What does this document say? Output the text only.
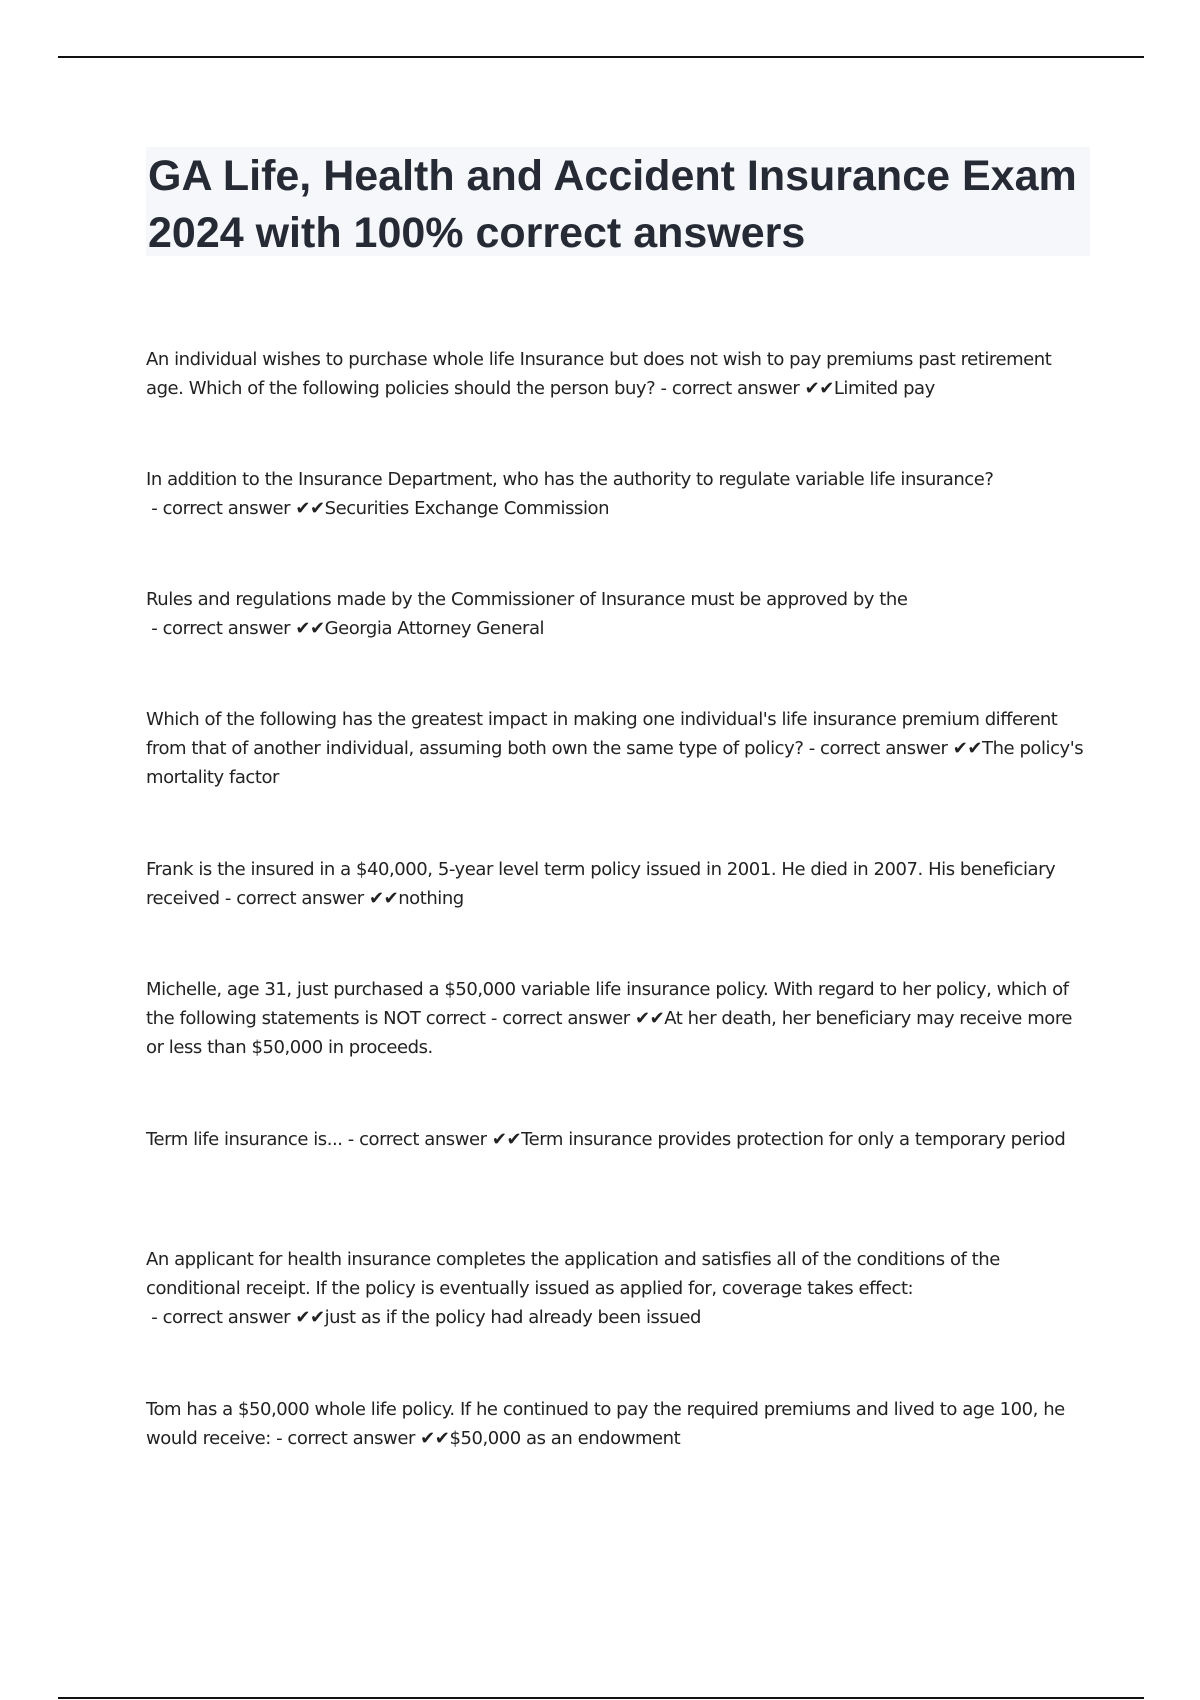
GA Life, Health and Accident Insurance Exam 2024 with 100% correct answers

An individual wishes to purchase whole life Insurance but does not wish to pay premiums past retirement age. Which of the following policies should the person buy? - correct answer ✔✔Limited pay

In addition to the Insurance Department, who has the authority to regulate variable life insurance? - correct answer ✔✔Securities Exchange Commission

Rules and regulations made by the Commissioner of Insurance must be approved by the - correct answer ✔✔Georgia Attorney General

Which of the following has the greatest impact in making one individual's life insurance premium different from that of another individual, assuming both own the same type of policy? - correct answer ✔✔The policy's mortality factor

Frank is the insured in a $40,000, 5-year level term policy issued in 2001. He died in 2007. His beneficiary received - correct answer ✔✔nothing

Michelle, age 31, just purchased a $50,000 variable life insurance policy. With regard to her policy, which of the following statements is NOT correct - correct answer ✔✔At her death, her beneficiary may receive more or less than $50,000 in proceeds.

Term life insurance is... - correct answer ✔✔Term insurance provides protection for only a temporary period

An applicant for health insurance completes the application and satisfies all of the conditions of the conditional receipt. If the policy is eventually issued as applied for, coverage takes effect: - correct answer ✔✔just as if the policy had already been issued

Tom has a $50,000 whole life policy. If he continued to pay the required premiums and lived to age 100, he would receive: - correct answer ✔✔$50,000 as an endowment
